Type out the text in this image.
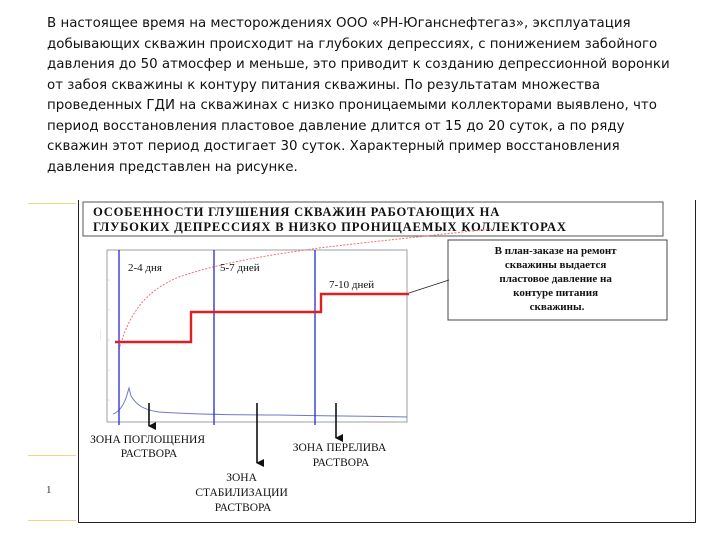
В настоящее время на месторождениях ООО «РН-Юганснефтегаз», эксплуатация добывающих скважин происходит на глубоких депрессиях, с понижением забойного давления до 50 атмосфер и меньше, это приводит к созданию депрессионной воронки от забоя скважины к контуру питания скважины. По результатам множества проведенных ГДИ на скважинах с низко проницаемыми коллекторами выявлено, что период восстановления пластовое давление длится от 15 до 20 суток, а по ряду скважин этот период достигает 30 суток. Характерный пример восстановления давления представлен на рисунке.

1
ОСОБЕННОСТИ ГЛУШЕНИЯ СКВАЖИН РАБОТАЮЩИХ НА
ГЛУБОКИХ ДЕПРЕССИЯХ В НИЗКО ПРОНИЦАЕМЫХ КОЛЛЕКТОРАХ
.........
2-4 дня	5-7 дней
7-10 дней
В план-заказе на ремонт скважины выдается пластовое давление на контуре питания скважины.
ЗОНА ПОГЛОЩЕНИЯ РАСТВОРА	ЗОНА ПЕРЕЛИВА РАСТВОРА
ЗОНА СТАБИЛИЗАЦИИ РАСТВОРА
